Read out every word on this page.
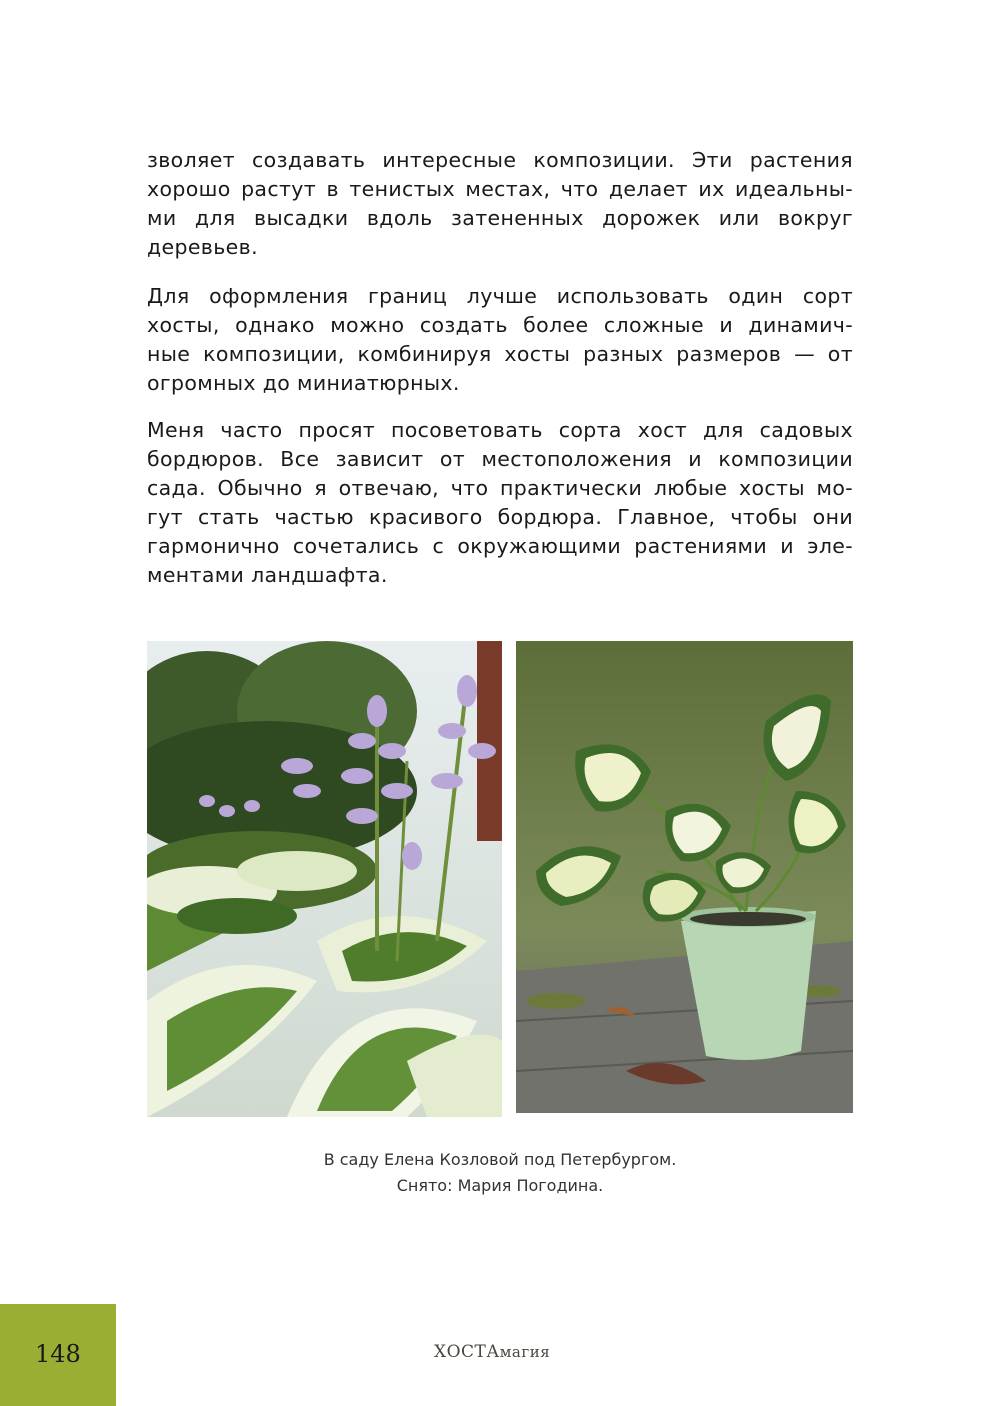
зволяет создавать интересные композиции. Эти растения
хорошо растут в тенистых местах, что делает их идеальны-
ми для высадки вдоль затененных дорожек или вокруг
деревьев.
Для оформления границ лучше использовать один сорт
хосты, однако можно создать более сложные и динамич-
ные композиции, комбинируя хосты разных размеров — от
огромных до миниатюрных.
Меня часто просят посоветовать сорта хост для садовых
бордюров. Все зависит от местоположения и композиции
сада. Обычно я отвечаю, что практически любые хосты мо-
гут стать частью красивого бордюра. Главное, чтобы они
гармонично сочетались с окружающими растениями и эле-
ментами ландшафта.
В саду Елена Козловой под Петербургом.
Снято: Мария Погодина.
148	ХОСТАмагия
